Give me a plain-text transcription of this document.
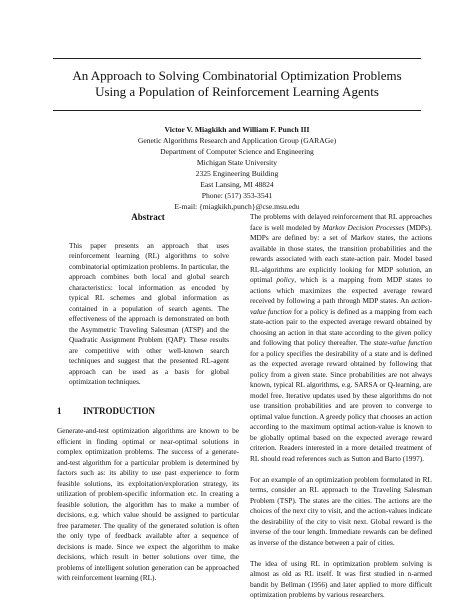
An Approach to Solving Combinatorial Optimization Problems
Using a Population of Reinforcement Learning Agents
Victor V. Miagkikh and William F. Punch III
Genetic Algorithms Research and Application Group (GARAGe)
Department of Computer Science and Engineering
Michigan State University
2325 Engineering Building
East Lansing, MI 48824
Phone: (517) 353-3541
E-mail: {miagkikh,punch}@cse.msu.edu
Abstract

This paper presents an approach that uses reinforcement learning (RL) algorithms to solve combinatorial optimization problems. In particular, the approach combines both local and global search characteristics: local information as encoded by typical RL schemes and global information as contained in a population of search agents. The effectiveness of the approach is demonstrated on both the Asymmetric Traveling Salesman (ATSP) and the Quadratic Assignment Problem (QAP). These results are competitive with other well-known search techniques and suggest that the presented RL-agent approach can be used as a basis for global optimization techniques.

1 INTRODUCTION

Generate-and-test optimization algorithms are known to be efficient in finding optimal or near-optimal solutions in complex optimization problems. The success of a generate-and-test algorithm for a particular problem is determined by factors such as: its ability to use past experience to form feasible solutions, its exploitation/exploration strategy, its utilization of problem-specific information etc. In creating a feasible solution, the algorithm has to make a number of decisions, e.g. which value should be assigned to particular free parameter. The quality of the generated solution is often the only type of feedback available after a sequence of decisions is made. Since we expect the algorithm to make decisions, which result in better solutions over time, the problems of intelligent solution generation can be approached with reinforcement learning (RL).

The problems with delayed reinforcement that RL approaches face is well modeled by Markov Decision Processes (MDPs). MDPs are defined by: a set of Markov states, the actions available in those states, the transition probabilities and the rewards associated with each state-action pair. Model based RL-algorithms are explicitly looking for MDP solution, an optimal policy, which is a mapping from MDP states to actions which maximizes the expected average reward received by following a path through MDP states. An action-value function for a policy is defined as a mapping from each state-action pair to the expected average reward obtained by choosing an action in that state according to the given policy and following that policy thereafter. The state-value function for a policy specifies the desirability of a state and is defined as the expected average reward obtained by following that policy from a given state. Since probabilities are not always known, typical RL algorithms, e.g. SARSA or Q-learning, are model free. Iterative updates used by these algorithms do not use transition probabilities and are proven to converge to optimal value function. A greedy policy that chooses an action according to the maximum optimal action-value is known to be globally optimal based on the expected average reward criterion. Readers interested in a more detailed treatment of RL should read references such as Sutton and Barto (1997).

For an example of an optimization problem formulated in RL terms, consider an RL approach to the Traveling Salesman Problem (TSP). The states are the cities. The actions are the choices of the next city to visit, and the action-values indicate the desirability of the city to visit next. Global reward is the inverse of the tour length. Immediate rewards can be defined as inverse of the distance between a pair of cities.

The idea of using RL in optimization problem solving is almost as old as RL itself. It was first studied in n-armed bandit by Bellman (1956) and later applied to more difficult optimization problems by various researchers.
